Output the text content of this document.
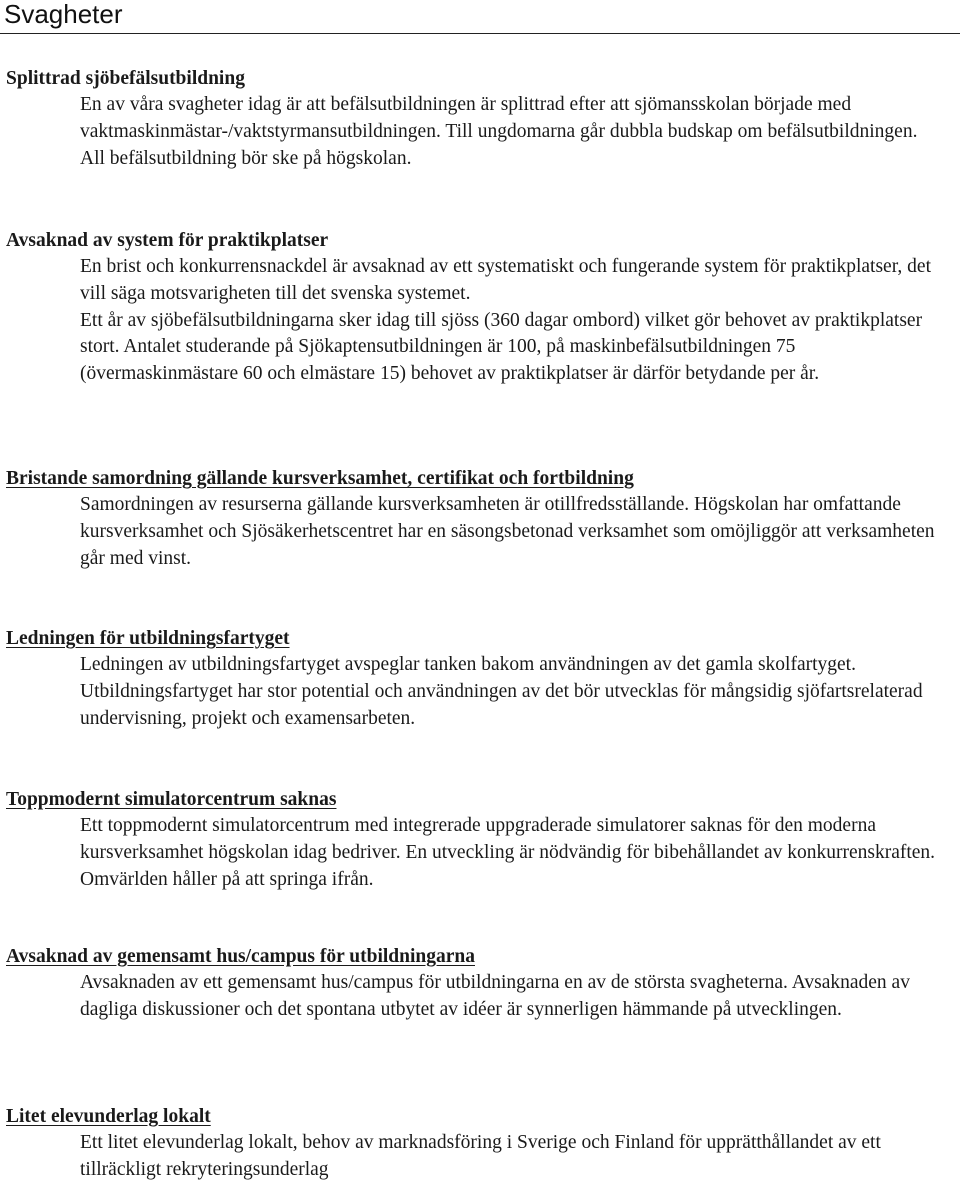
Svagheter

Splittrad sjöbefälsutbildning

En av våra svagheter idag är att befälsutbildningen är splittrad efter att sjömansskolan började med vaktmaskinmästar-/vaktstyrmansutbildningen. Till ungdomarna går dubbla budskap om befälsutbildningen. All befälsutbildning bör ske på högskolan.

Avsaknad av system för praktikplatser

En brist och konkurrensnackdel är avsaknad av ett systematiskt och fungerande system för praktikplatser, det vill säga motsvarigheten till det svenska systemet.

Ett år av sjöbefälsutbildningarna sker idag till sjöss (360 dagar ombord) vilket gör behovet av praktikplatser stort. Antalet studerande på Sjökaptensutbildningen är 100, på maskinbefälsutbildningen 75 (övermaskinmästare 60 och elmästare 15) behovet av praktikplatser är därför betydande per år.

Bristande samordning gällande kursverksamhet, certifikat och fortbildning

Samordningen av resurserna gällande kursverksamheten är otillfredsställande. Högskolan har omfattande kursverksamhet och Sjösäkerhetscentret har en säsongsbetonad verksamhet som omöjliggör att verksamheten går med vinst.

Ledningen för utbildningsfartyget

Ledningen av utbildningsfartyget avspeglar tanken bakom användningen av det gamla skolfartyget. Utbildningsfartyget har stor potential och användningen av det bör utvecklas för mångsidig sjöfartsrelaterad undervisning, projekt och examensarbeten.

Toppmodernt simulatorcentrum saknas

Ett toppmodernt simulatorcentrum med integrerade uppgraderade simulatorer saknas för den moderna kursverksamhet högskolan idag bedriver. En utveckling är nödvändig för bibehållandet av konkurrenskraften. Omvärlden håller på att springa ifrån.

Avsaknad av gemensamt hus/campus för utbildningarna

Avsaknaden av ett gemensamt hus/campus för utbildningarna en av de största svagheterna. Avsaknaden av dagliga diskussioner och det spontana utbytet av idéer är synnerligen hämmande på utvecklingen.

Litet elevunderlag lokalt

Ett litet elevunderlag lokalt, behov av marknadsföring i Sverige och Finland för upprätthållandet av ett tillräckligt rekryteringsunderlag
